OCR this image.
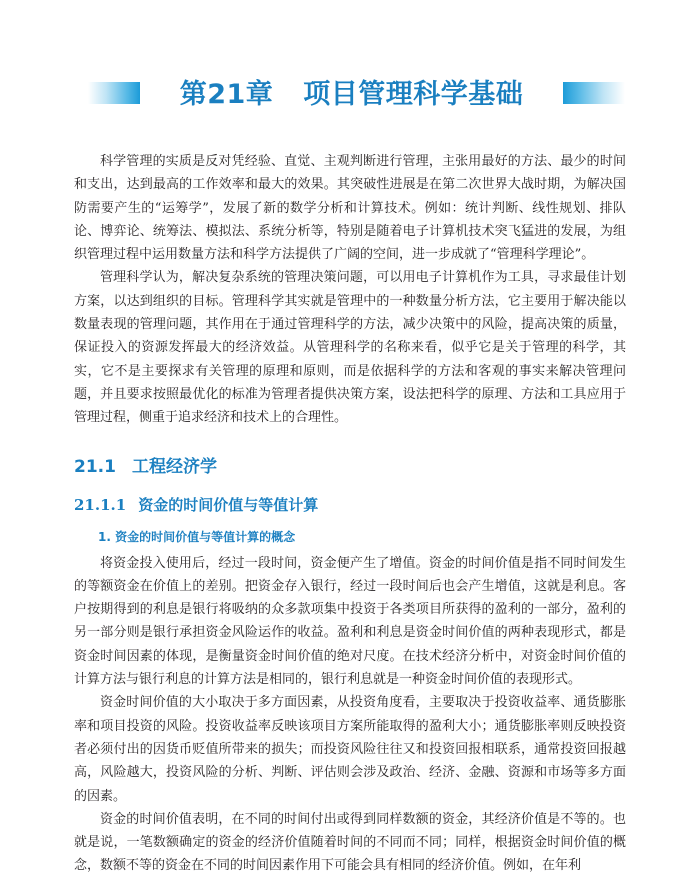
第21章 项目管理科学基础

科学管理的实质是反对凭经验、直觉、主观判断进行管理，主张用最好的方法、最少的时间和支出，达到最高的工作效率和最大的效果。其突破性进展是在第二次世界大战时期，为解决国防需要产生的“运筹学”，发展了新的数学分析和计算技术。例如：统计判断、线性规划、排队论、博弈论、统筹法、模拟法、系统分析等，特别是随着电子计算机技术突飞猛进的发展，为组织管理过程中运用数量方法和科学方法提供了广阔的空间，进一步成就了“管理科学理论”。

管理科学认为，解决复杂系统的管理决策问题，可以用电子计算机作为工具，寻求最佳计划方案，以达到组织的目标。管理科学其实就是管理中的一种数量分析方法，它主要用于解决能以数量表现的管理问题，其作用在于通过管理科学的方法，减少决策中的风险，提高决策的质量，保证投入的资源发挥最大的经济效益。从管理科学的名称来看，似乎它是关于管理的科学，其实，它不是主要探求有关管理的原理和原则，而是依据科学的方法和客观的事实来解决管理问题，并且要求按照最优化的标准为管理者提供决策方案，设法把科学的原理、方法和工具应用于管理过程，侧重于追求经济和技术上的合理性。

21.1 工程经济学
21.1.1 资金的时间价值与等值计算
1. 资金的时间价值与等值计算的概念

将资金投入使用后，经过一段时间，资金便产生了增值。资金的时间价值是指不同时间发生的等额资金在价值上的差别。把资金存入银行，经过一段时间后也会产生增值，这就是利息。客户按期得到的利息是银行将吸纳的众多款项集中投资于各类项目所获得的盈利的一部分，盈利的另一部分则是银行承担资金风险运作的收益。盈利和利息是资金时间价值的两种表现形式，都是资金时间因素的体现，是衡量资金时间价值的绝对尺度。在技术经济分析中，对资金时间价值的计算方法与银行利息的计算方法是相同的，银行利息就是一种资金时间价值的表现形式。

资金时间价值的大小取决于多方面因素，从投资角度看，主要取决于投资收益率、通货膨胀率和项目投资的风险。投资收益率反映该项目方案所能取得的盈利大小；通货膨胀率则反映投资者必须付出的因货币贬值所带来的损失；而投资风险往往又和投资回报相联系，通常投资回报越高，风险越大，投资风险的分析、判断、评估则会涉及政治、经济、金融、资源和市场等多方面的因素。

资金的时间价值表明，在不同的时间付出或得到同样数额的资金，其经济价值是不等的。也就是说，一笔数额确定的资金的经济价值随着时间的不同而不同；同样，根据资金时间价值的概念，数额不等的资金在不同的时间因素作用下可能会具有相同的经济价值。例如，在年利
